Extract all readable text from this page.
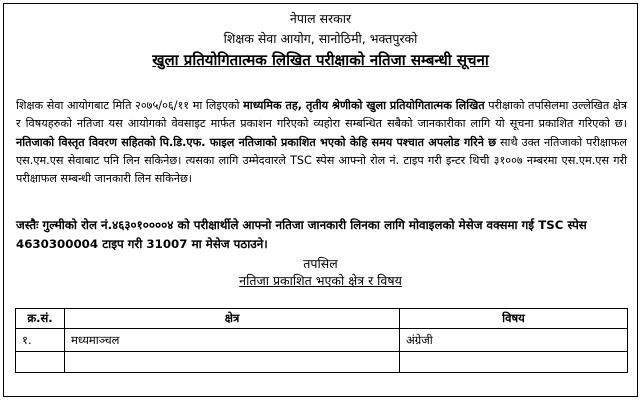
नेपाल सरकार
शिक्षक सेवा आयोग, सानोठिमी, भक्तपुरको
खुला प्रतियोगितात्मक लिखित परीक्षाको नतिजा सम्बन्धी सूचना
शिक्षक सेवा आयोगबाट मिति २०७५/०६/११ मा लिइएको माध्यमिक तह, तृतीय श्रेणीको खुला प्रतियोगितात्मक लिखित परीक्षाको तपसिलमा उल्लेखित क्षेत्र र विषयहरुको नतिजा यस आयोगको वेवसाइट मार्फत प्रकाशन गरिएको व्यहोरा सम्बन्धित सबैको जानकारीका लागि यो सूचना प्रकाशित गरिएको छ। नतिजाको विस्तृत विवरण सहितको पि.डि.एफ. फाइल नतिजाको प्रकाशित भएको केहि समय पश्चात अपलोड गरिने छ साथै उक्त नतिजाको परीक्षाफल एस.एम.एस सेवाबाट पनि लिन सकिनेछ। त्यसका लागि उम्मेदवारले TSC स्पेस आफ्नो रोल नं. टाइप गरी इन्टर थिची ३१००७ नम्बरमा एस.एम.एस गरी परीक्षाफल सम्बन्धी जानकारी लिन सकिनेछ।
जस्तैः गुल्मीको रोल नं.४६३०१००००४ को परीक्षार्थीले आफ्नो नतिजा जानकारी लिनका लागि मोवाइलको मेसेज वक्समा गई TSC स्पेस 4630300004 टाइप गरी 31007 मा मेसेज पठाउने।
तपसिल
नतिजा प्रकाशित भएको क्षेत्र र विषय
क्र.सं.	क्षेत्र	विषय
१.	मध्यमाञ्चल	अंग्रेजी
